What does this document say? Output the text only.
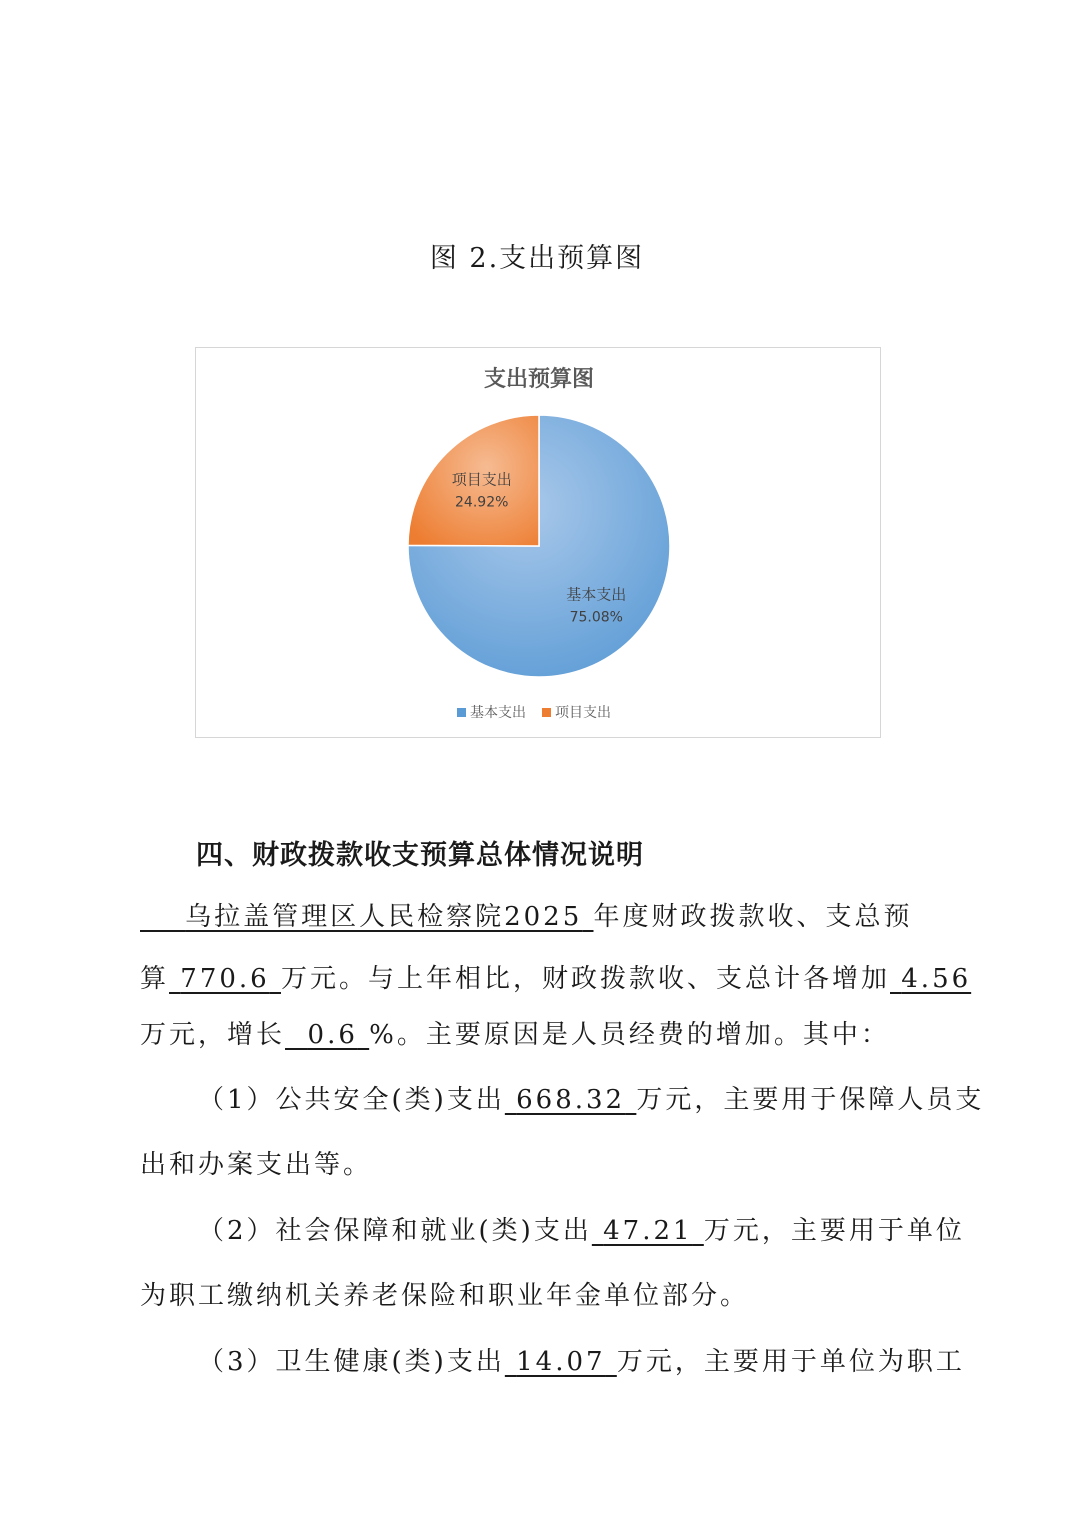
图 2.支出预算图
支出预算图
基本支出
75.08%
项目支出
24.92%
基本支出 项目支出
四、财政拨款收支预算总体情况说明
乌拉盖管理区人民检察院2025 年度财政拨款收、支总预
算 770.6 万元。与上年相比，财政拨款收、支总计各增加 4.56
万元，增长 0.6 %。主要原因是人员经费的增加。其中：
（1）公共安全(类)支出 668.32 万元，主要用于保障人员支
出和办案支出等。
（2）社会保障和就业(类)支出 47.21 万元，主要用于单位
为职工缴纳机关养老保险和职业年金单位部分。
（3）卫生健康(类)支出 14.07 万元，主要用于单位为职工
